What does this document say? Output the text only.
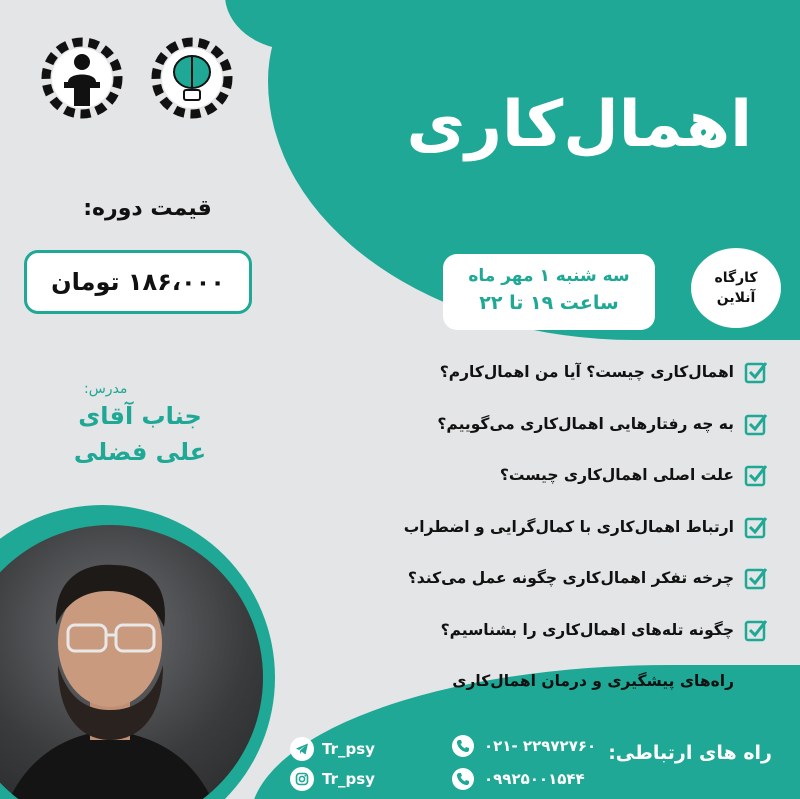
اهمال‌کاری
قیمت دوره:
۱۸۶،۰۰۰ تومان	سه شنبه ۱ مهر ماه
ساعت ۱۹ تا ۲۲
کارگاه
آنلاین
مدرس:
جناب آقای
علی فضلی
اهمال‌کاری چیست؟ آیا من اهمال‌کارم؟
به چه رفتارهایی اهمال‌کاری می‌گوییم؟
علت اصلی اهمال‌کاری چیست؟
ارتباط اهمال‌کاری با کمال‌گرایی و اضطراب
چرخه تفکر اهمال‌کاری چگونه عمل می‌کند؟
چگونه تله‌های اهمال‌کاری را بشناسیم؟
راه‌های پیشگیری و درمان اهمال‌کاری
راه های ارتباطی:
۰۲۱- ۲۲۹۷۲۷۶۰
۰۹۹۲۵۰۰۱۵۴۴
Tr_psy
Tr_psy
